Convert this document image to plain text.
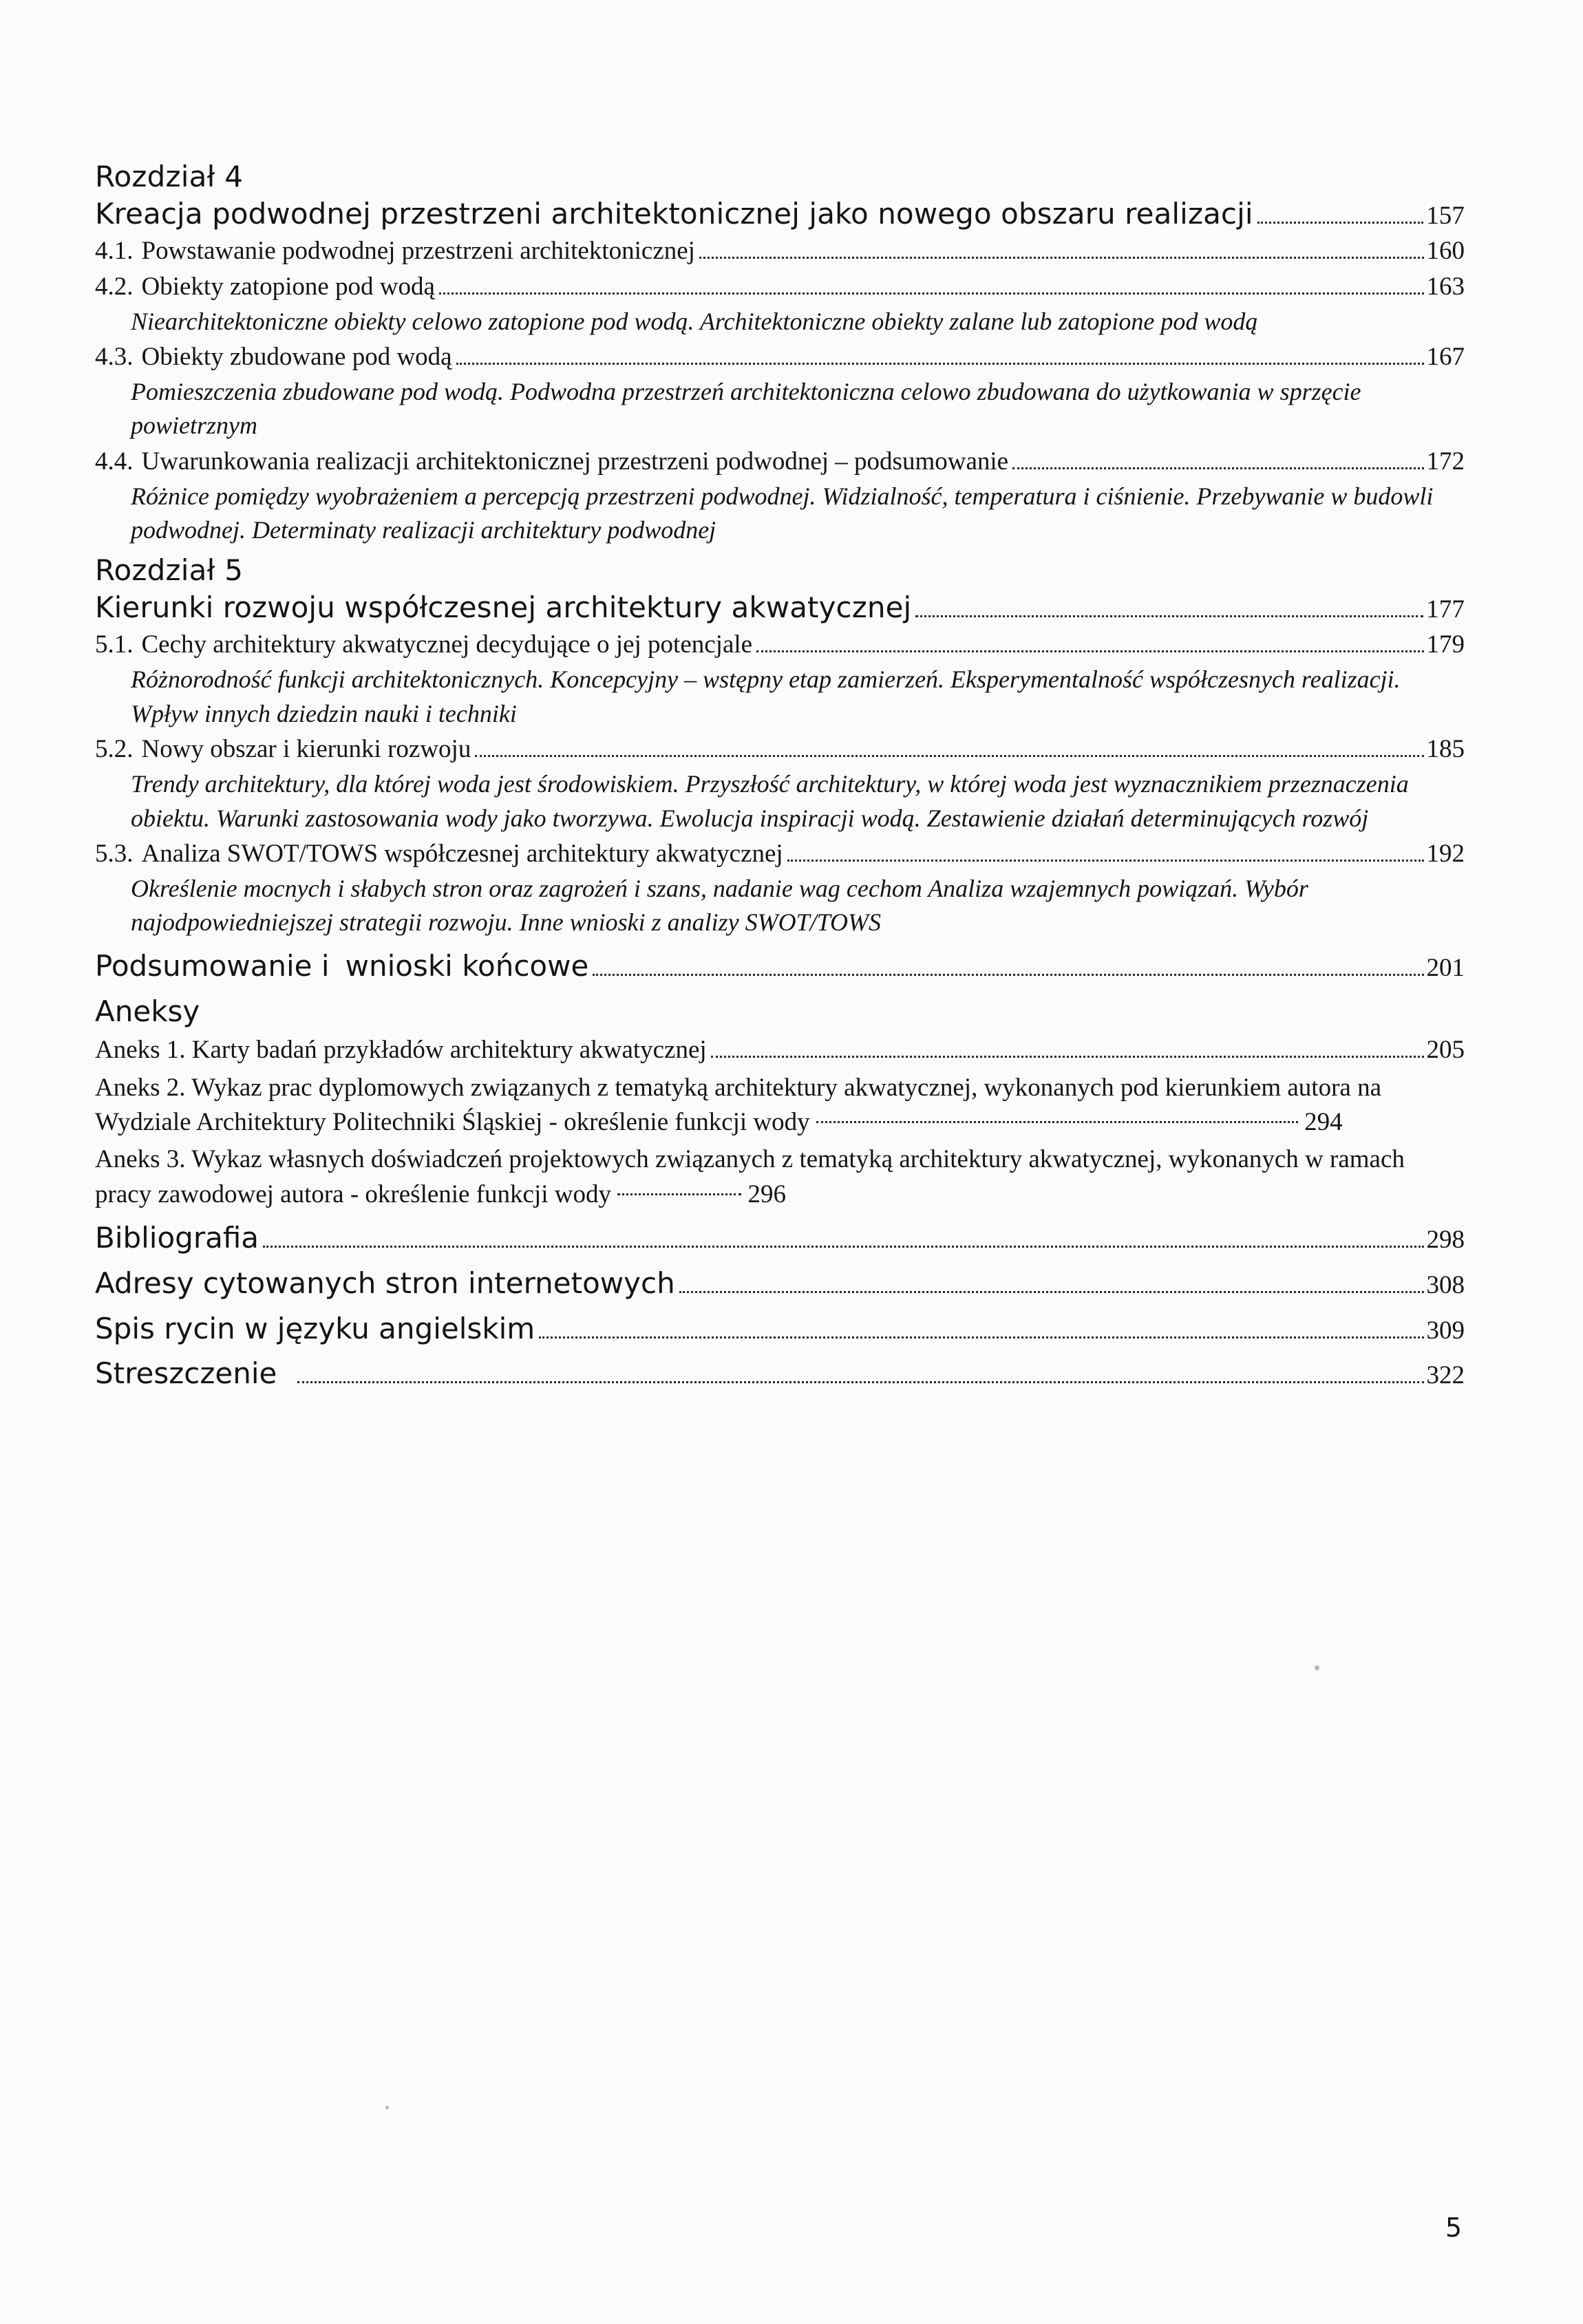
Rozdział 4
Kreacja podwodnej przestrzeni architektonicznej jako nowego obszaru realizacji	157
4.1. Powstawanie podwodnej przestrzeni architektonicznej	160
4.2. Obiekty zatopione pod wodą	163
Niearchitektoniczne obiekty celowo zatopione pod wodą. Architektoniczne obiekty zalane lub zatopione pod wodą
4.3. Obiekty zbudowane pod wodą	167
Pomieszczenia zbudowane pod wodą. Podwodna przestrzeń architektoniczna celowo zbudowana do użytkowania w sprzęcie powietrznym
4.4. Uwarunkowania realizacji architektonicznej przestrzeni podwodnej – podsumowanie	172
Różnice pomiędzy wyobrażeniem a percepcją przestrzeni podwodnej. Widzialność, temperatura i ciśnienie. Przebywanie w budowli podwodnej. Determinaty realizacji architektury podwodnej
Rozdział 5
Kierunki rozwoju współczesnej architektury akwatycznej	177
5.1. Cechy architektury akwatycznej decydujące o jej potencjale	179
Różnorodność funkcji architektonicznych. Koncepcyjny – wstępny etap zamierzeń. Eksperymentalność współczesnych realizacji. Wpływ innych dziedzin nauki i techniki
5.2. Nowy obszar i kierunki rozwoju	185
Trendy architektury, dla której woda jest środowiskiem. Przyszłość architektury, w której woda jest wyznacznikiem przeznaczenia obiektu. Warunki zastosowania wody jako tworzywa. Ewolucja inspiracji wodą. Zestawienie działań determinujących rozwój
5.3. Analiza SWOT/TOWS współczesnej architektury akwatycznej	192
Określenie mocnych i słabych stron oraz zagrożeń i szans, nadanie wag cechom Analiza wzajemnych powiązań. Wybór najodpowiedniejszej strategii rozwoju. Inne wnioski z analizy SWOT/TOWS
Podsumowanie i
wnioski końcowe	201
Aneksy
Aneks 1. Karty badań przykładów architektury akwatycznej	205
Aneks 2. Wykaz prac dyplomowych związanych z tematyką architektury akwatycznej, wykonanych pod kierunkiem autora na Wydziale Architektury Politechniki Śląskiej - określenie funkcji wody	294
Aneks 3. Wykaz własnych doświadczeń projektowych związanych z tematyką architektury akwatycznej, wykonanych w ramach pracy zawodowej autora - określenie funkcji wody	296
Bibliografia	298
Adresy cytowanych stron internetowych	308
Spis rycin w języku angielskim	309
Streszczenie	322
5
